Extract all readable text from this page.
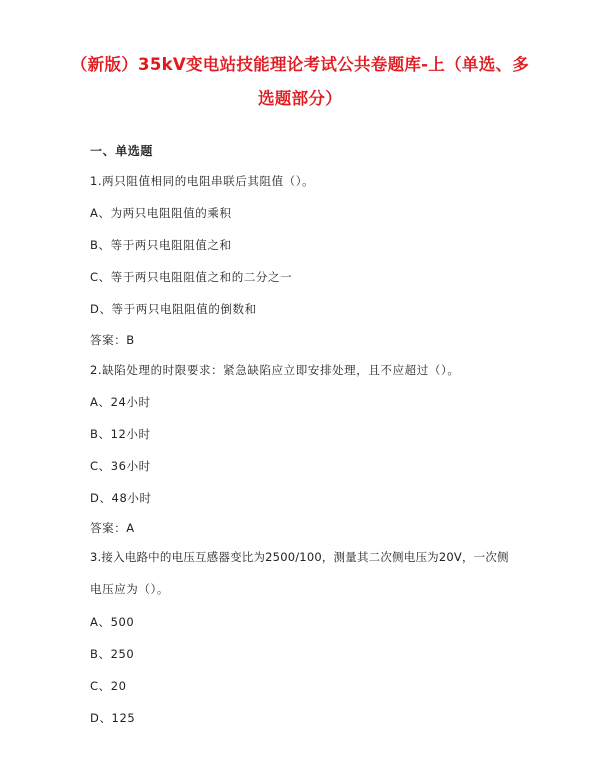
（新版）35kV变电站技能理论考试公共卷题库-上（单选、多选题部分）
一、单选题
1.两只阻值相同的电阻串联后其阻值（）。
A、为两只电阻阻值的乘积
B、等于两只电阻阻值之和
C、等于两只电阻阻值之和的二分之一
D、等于两只电阻阻值的倒数和
答案：B
2.缺陷处理的时限要求：紧急缺陷应立即安排处理，且不应超过（）。
A、24小时
B、12小时
C、36小时
D、48小时
答案：A
3.接入电路中的电压互感器变比为2500/100，测量其二次侧电压为20V，一次侧
电压应为（）。
A、500
B、250
C、20
D、125
